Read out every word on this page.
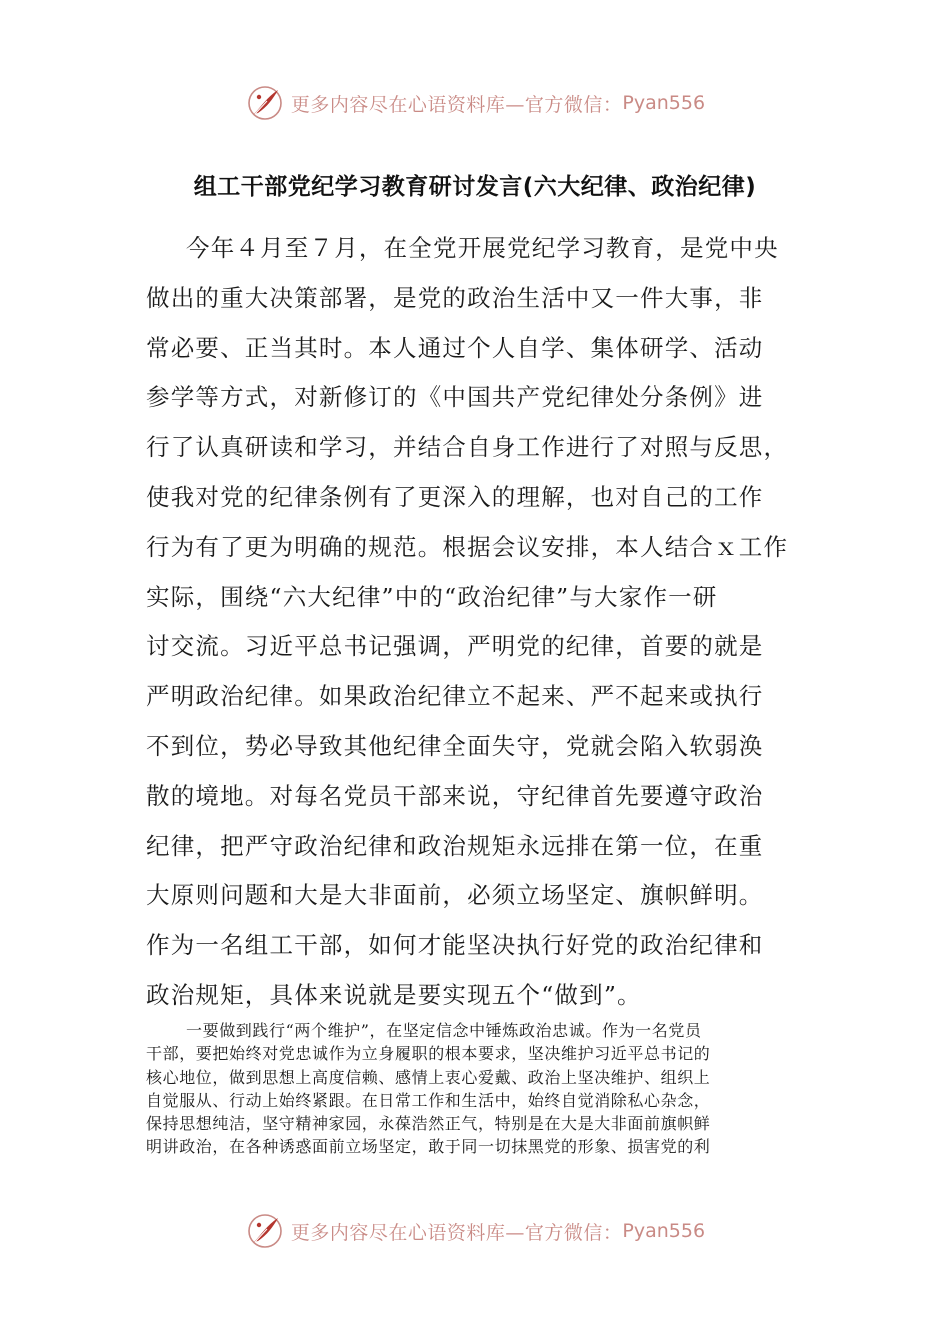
更多内容尽在心语资料库—官方微信： Pyan556
组工干部党纪学习教育研讨发言(六大纪律、政治纪律)
今年４月至７月，在全党开展党纪学习教育，是党中央
做出的重大决策部署，是党的政治生活中又一件大事，非
常必要、正当其时。本人通过个人自学、集体研学、活动
参学等方式，对新修订的《中国共产党纪律处分条例》进
行了认真研读和学习，并结合自身工作进行了对照与反思，
使我对党的纪律条例有了更深入的理解，也对自己的工作
行为有了更为明确的规范。根据会议安排，本人结合ｘ工作
实际，围绕“六大纪律”中的“政治纪律”与大家作一研
讨交流。习近平总书记强调，严明党的纪律，首要的就是
严明政治纪律。如果政治纪律立不起来、严不起来或执行
不到位，势必导致其他纪律全面失守，党就会陷入软弱涣
散的境地。对每名党员干部来说，守纪律首先要遵守政治
纪律，把严守政治纪律和政治规矩永远排在第一位，在重
大原则问题和大是大非面前，必须立场坚定、旗帜鲜明。
作为一名组工干部，如何才能坚决执行好党的政治纪律和
政治规矩，具体来说就是要实现五个“做到”。
一要做到践行“两个维护”，在坚定信念中锤炼政治忠诚。作为一名党员
干部，要把始终对党忠诚作为立身履职的根本要求，坚决维护习近平总书记的
核心地位，做到思想上高度信赖、感情上衷心爱戴、政治上坚决维护、组织上
自觉服从、行动上始终紧跟。在日常工作和生活中，始终自觉消除私心杂念，
保持思想纯洁，坚守精神家园，永葆浩然正气，特别是在大是大非面前旗帜鲜
明讲政治，在各种诱惑面前立场坚定，敢于同一切抹黑党的形象、损害党的利
更多内容尽在心语资料库—官方微信： Pyan556
